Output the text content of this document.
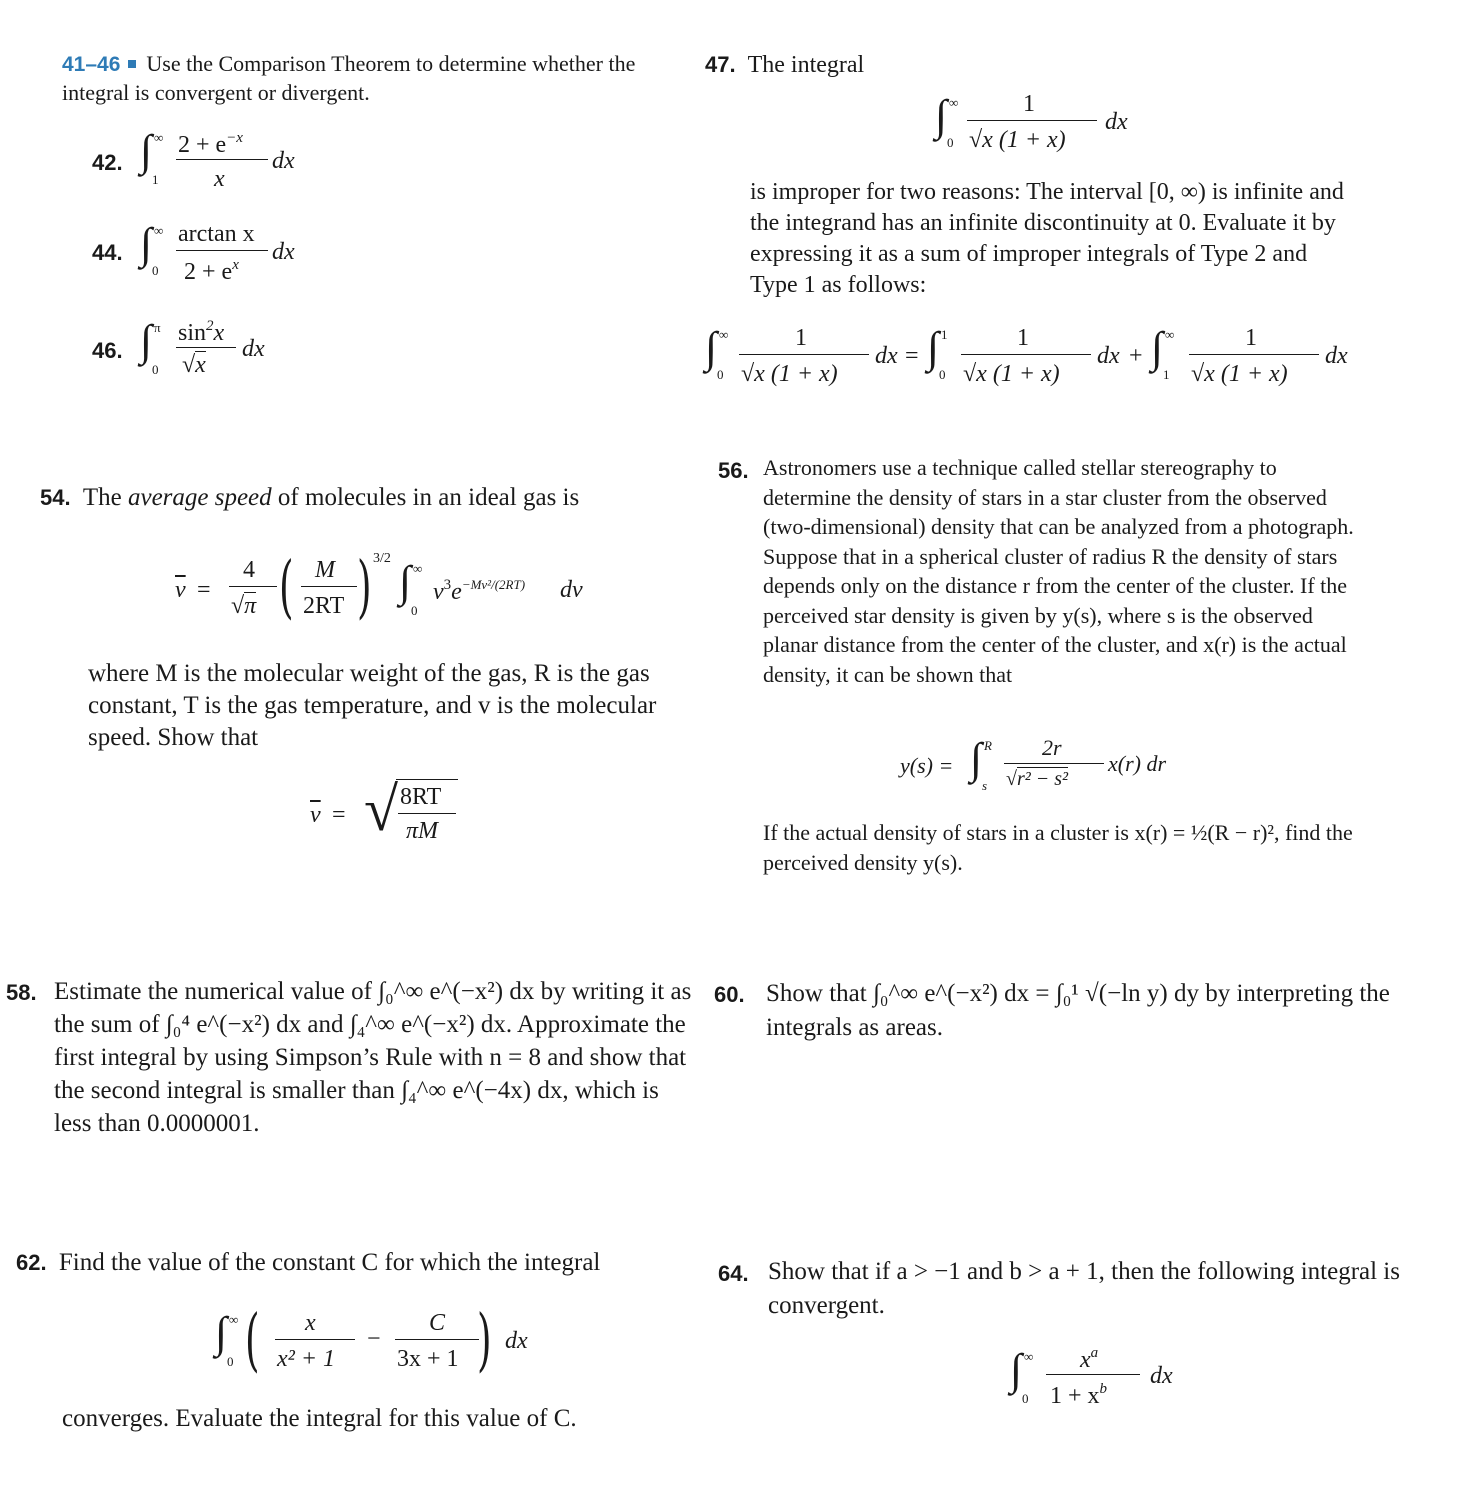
41–46 Use the Comparison Theorem to determine whether the integral is convergent or divergent.
42. ∫ ∞
1
$2 + e^{-x}$
x
dx
44. ∫ ∞
0
arctan x
$2 + e^x$ dx
46. ∫ π
0
$\sin^2x$
√x
dx
47. The integral
∫ ∞
0
1
√x (1 + x)
dx
is improper for two reasons: The interval [0, ∞) is infinite and the integrand has an infinite discontinuity at 0. Evaluate it by expressing it as a sum of improper integrals of Type 2 and Type 1 as follows:
∫ ∞
0
1
√x (1 + x)
dx = ∫ 1
0
1
√x (1 + x)
dx + ∫ ∞
1
1
√x (1 + x)
dx
54. The average speed of molecules in an ideal gas is
$\overline{v}$ =
4
√π ( M
2RT ) 3/2 ∫ ∞
0
$v^3e^{-Mv^2/(2RT)}$ dv
where M is the molecular weight of the gas, R is the gas constant, T is the gas temperature, and v is the molecular speed. Show that
$\overline{v}$ = √ 8RT
πM
56. Astronomers use a technique called stellar stereography to determine the density of stars in a star cluster from the observed (two-dimensional) density that can be analyzed from a photograph. Suppose that in a spherical cluster of radius R the density of stars depends only on the distance r from the center of the cluster. If the perceived star density is given by y(s), where s is the observed planar distance from the center of the cluster, and x(r) is the actual density, it can be shown that
y(s) = ∫ R
s
2r
√r² − s²
x(r) dr
If the actual density of stars in a cluster is x(r) = ½(R − r)², find the perceived density y(s).
58. Estimate the numerical value of ∫₀^∞ e^(−x²) dx by writing it as the sum of ∫₀⁴ e^(−x²) dx and ∫₄^∞ e^(−x²) dx. Approximate the first integral by using Simpson’s Rule with n = 8 and show that the second integral is smaller than ∫₄^∞ e^(−4x) dx, which is less than 0.0000001.
60. Show that ∫₀^∞ e^(−x²) dx = ∫₀¹ √(−ln y) dy by interpreting the integrals as areas.
62. Find the value of the constant C for which the integral
∫ ∞
0 ( x
x² + 1
−
C
3x + 1 ) dx
converges. Evaluate the integral for this value of C.
64. Show that if a > −1 and b > a + 1, then the following integral is convergent.
∫ ∞
0
$x^a$
$1 + x^b$ dx
